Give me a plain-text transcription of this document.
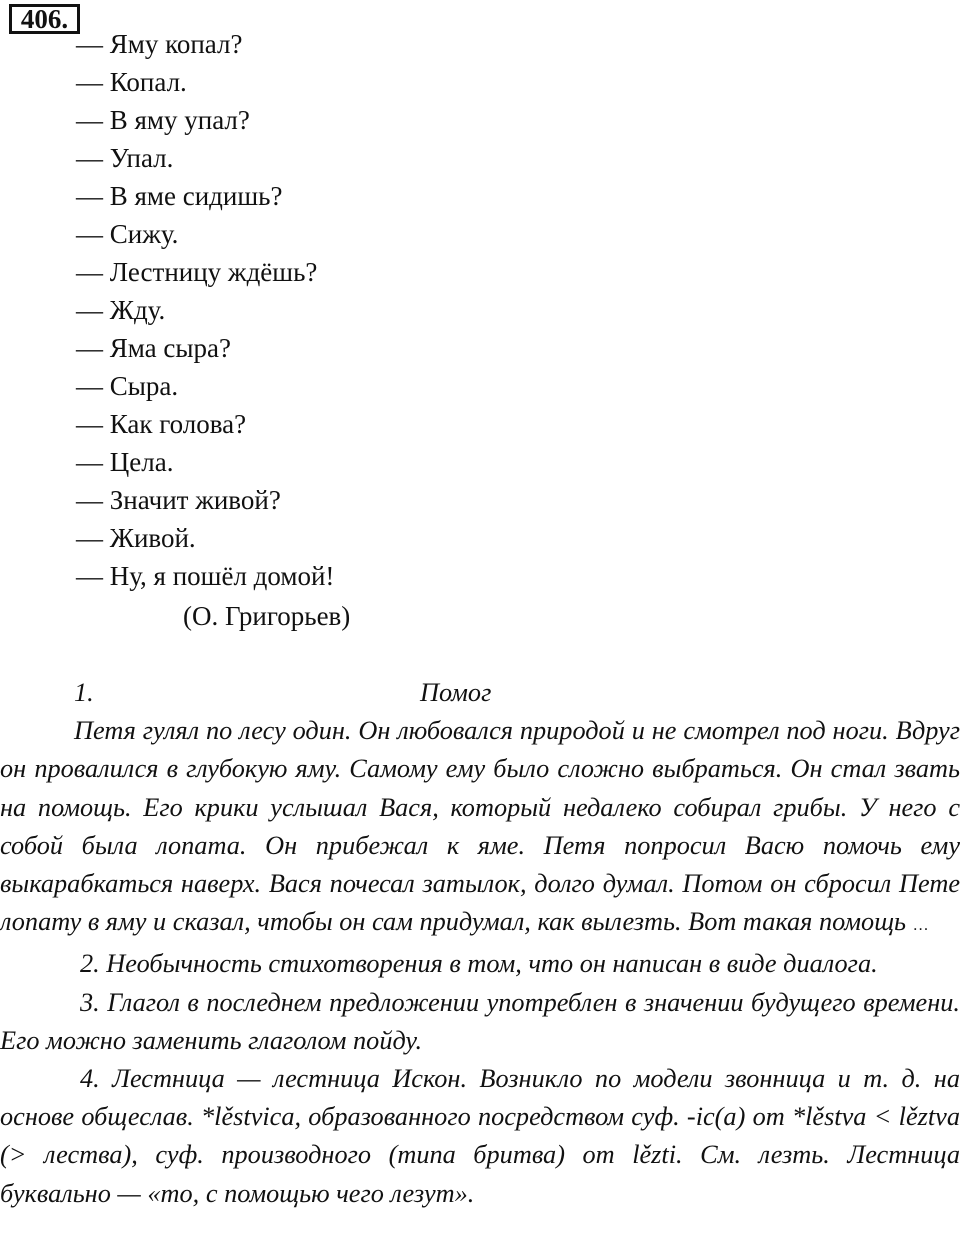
406.
— Яму копал?
— Копал.
— В яму упал?
— Упал.
— В яме сидишь?
— Сижу.
— Лестницу ждёшь?
— Жду.
— Яма сыра?
— Сыра.
— Как голова?
— Цела.
— Значит живой?
— Живой.
— Ну, я пошёл домой!
(О. Григорьев)
1.	Помог

Петя гулял по лесу один. Он любовался природой и не смотрел под ноги. Вдруг он провалился в глубокую яму. Самому ему было сложно выбраться. Он стал звать на помощь. Его крики услышал Вася, который недалеко собирал грибы. У него с собой была лопата. Он прибежал к яме. Петя попросил Васю помочь ему выкарабкаться наверх. Вася почесал затылок, долго думал. Потом он сбросил Пете лопату в яму и сказал, чтобы он сам придумал, как вылезть. Вот такая помощь …

2. Необычность стихотворения в том, что он написан в виде диалога.

3. Глагол в последнем предложении употреблен в значении будущего времени. Его можно заменить глаголом пойду.

4. Лестница — лестница Искон. Возникло по модели звонница и т. д. на основе общеслав. *lěstvica, образованного посредством суф. -ic(a) от *lěstva < lěztva (> лества), суф. производного (типа бритва) от lězti. См. лезть. Лестница буквально — «то, с помощью чего лезут».
